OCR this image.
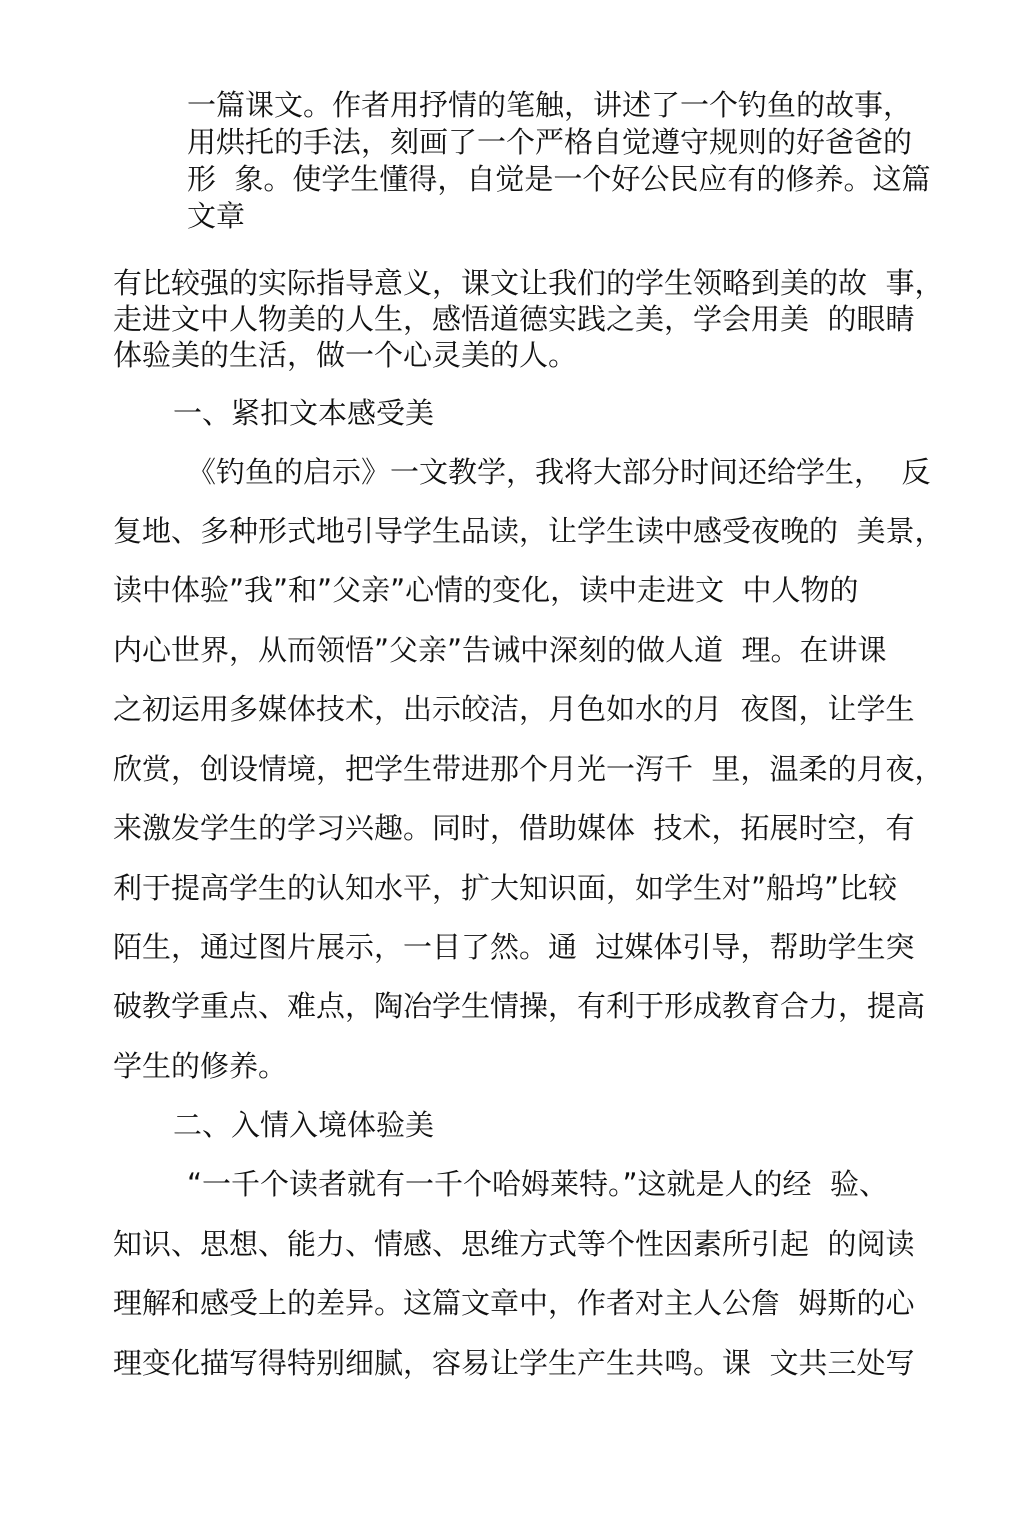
一篇课文。作者用抒情的笔触，讲述了一个钓鱼的故事，
用烘托的手法，刻画了一个严格自觉遵守规则的好爸爸的
形  象。使学生懂得，自觉是一个好公民应有的修养。这篇
文章
有比较强的实际指导意义，课文让我们的学生领略到美的故  事，
走进文中人物美的人生，感悟道德实践之美，学会用美  的眼睛
体验美的生活，做一个心灵美的人。
一、紧扣文本感受美
《钓鱼的启示》一文教学，我将大部分时间还给学生，  反
复地、多种形式地引导学生品读，让学生读中感受夜晚的  美景，
读中体验”我”和”父亲”心情的变化，读中走进文  中人物的
内心世界，从而领悟”父亲”告诫中深刻的做人道  理。在讲课
之初运用多媒体技术，出示皎洁，月色如水的月  夜图，让学生
欣赏，创设情境，把学生带进那个月光一泻千  里，温柔的月夜，
来激发学生的学习兴趣。同时，借助媒体  技术，拓展时空，有
利于提高学生的认知水平，扩大知识面，如学生对”船坞”比较
陌生，通过图片展示，一目了然。通  过媒体引导，帮助学生突
破教学重点、难点，陶冶学生情操，有利于形成教育合力，提高
学生的修养。
二、入情入境体验美
“一千个读者就有一千个哈姆莱特。”这就是人的经  验、
知识、思想、能力、情感、思维方式等个性因素所引起  的阅读
理解和感受上的差异。这篇文章中，作者对主人公詹  姆斯的心
理变化描写得特别细腻，容易让学生产生共鸣。课  文共三处写
